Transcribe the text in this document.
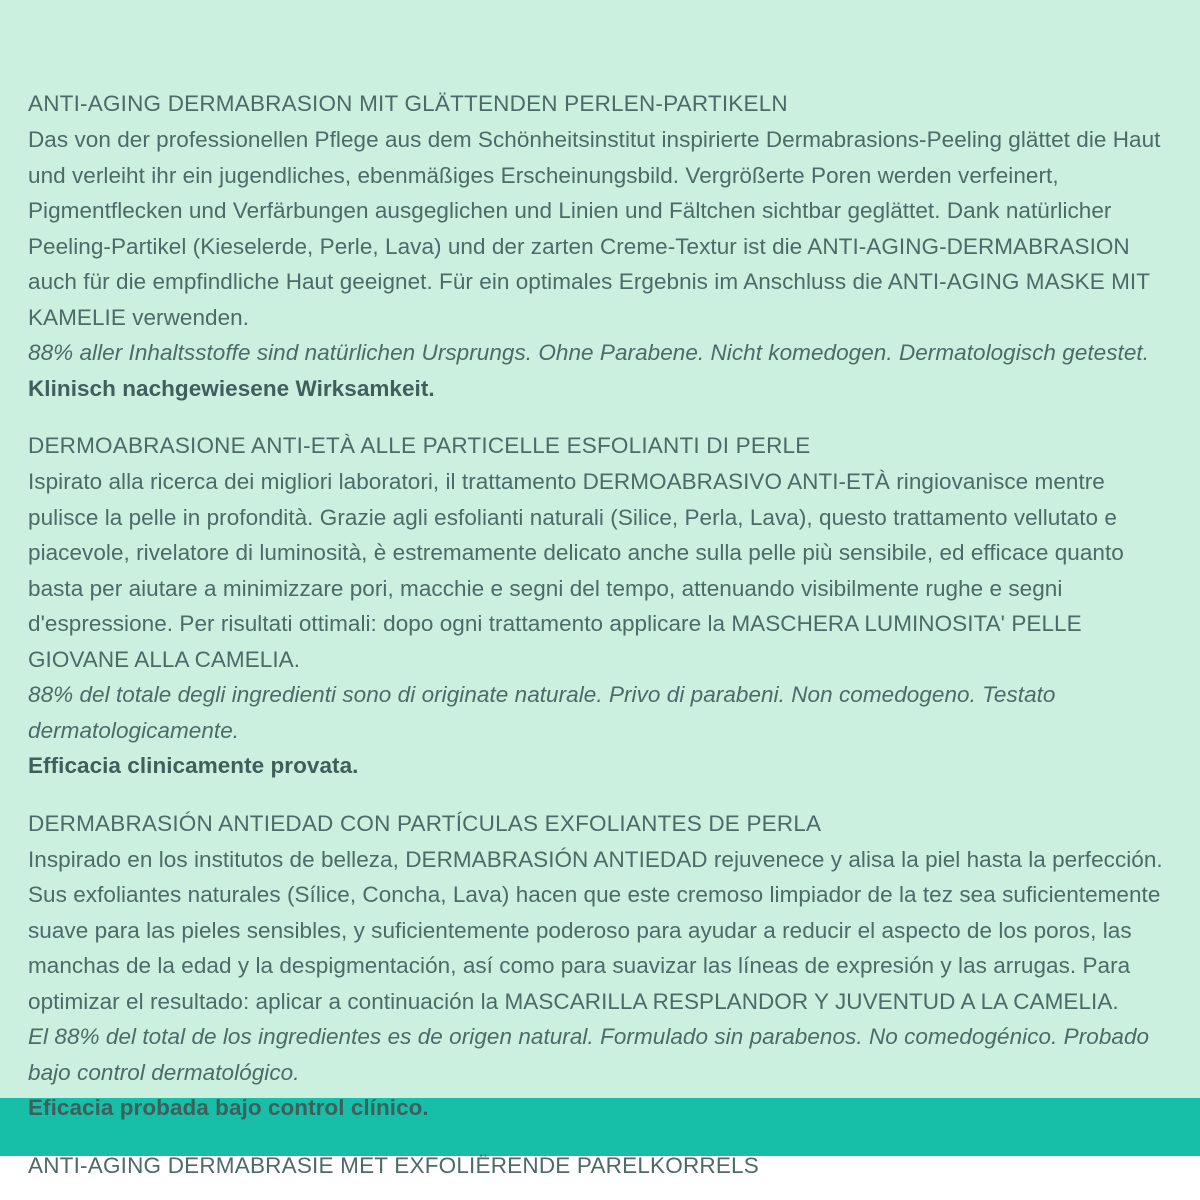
ANTI-AGING DERMABRASION MIT GLÄTTENDEN PERLEN-PARTIKELN
Das von der professionellen Pflege aus dem Schönheitsinstitut inspirierte Dermabrasions-Peeling glättet die Haut und verleiht ihr ein jugendliches, ebenmäßiges Erscheinungsbild. Vergrößerte Poren werden verfeinert, Pigmentflecken und Verfärbungen ausgeglichen und Linien und Fältchen sichtbar geglättet. Dank natürlicher Peeling-Partikel (Kieselerde, Perle, Lava) und der zarten Creme-Textur ist die ANTI-AGING-DERMABRASION auch für die empfindliche Haut geeignet. Für ein optimales Ergebnis im Anschluss die ANTI-AGING MASKE MIT KAMELIE verwenden.
88% aller Inhaltsstoffe sind natürlichen Ursprungs. Ohne Parabene. Nicht komedogen. Dermatologisch getestet.
Klinisch nachgewiesene Wirksamkeit.
DERMOABRASIONE ANTI-ETÀ ALLE PARTICELLE ESFOLIANTI DI PERLE
Ispirato alla ricerca dei migliori laboratori, il trattamento DERMOABRASIVO ANTI-ETÀ ringiovanisce mentre pulisce la pelle in profondità. Grazie agli esfolianti naturali (Silice, Perla, Lava), questo trattamento vellutato e piacevole, rivelatore di luminosità, è estremamente delicato anche sulla pelle più sensibile, ed efficace quanto basta per aiutare a minimizzare pori, macchie e segni del tempo, attenuando visibilmente rughe e segni d'espressione. Per risultati ottimali: dopo ogni trattamento applicare la MASCHERA LUMINOSITA' PELLE GIOVANE ALLA CAMELIA.
88% del totale degli ingredienti sono di originate naturale. Privo di parabeni. Non comedogeno. Testato dermatologicamente.
Efficacia clinicamente provata.
DERMABRASIÓN ANTIEDAD CON PARTÍCULAS EXFOLIANTES DE PERLA
Inspirado en los institutos de belleza, DERMABRASIÓN ANTIEDAD rejuvenece y alisa la piel hasta la perfección. Sus exfoliantes naturales (Sílice, Concha, Lava) hacen que este cremoso limpiador de la tez sea suficientemente suave para las pieles sensibles, y suficientemente poderoso para ayudar a reducir el aspecto de los poros, las manchas de la edad y la despigmentación, así como para suavizar las líneas de expresión y las arrugas. Para optimizar el resultado: aplicar a continuación la MASCARILLA RESPLANDOR Y JUVENTUD A LA CAMELIA.
El 88% del total de los ingredientes es de origen natural. Formulado sin parabenos. No comedogénico. Probado bajo control dermatológico.
Eficacia probada bajo control clínico.
ANTI-AGING DERMABRASIE MET EXFOLIËRENDE PARELKORRELS
